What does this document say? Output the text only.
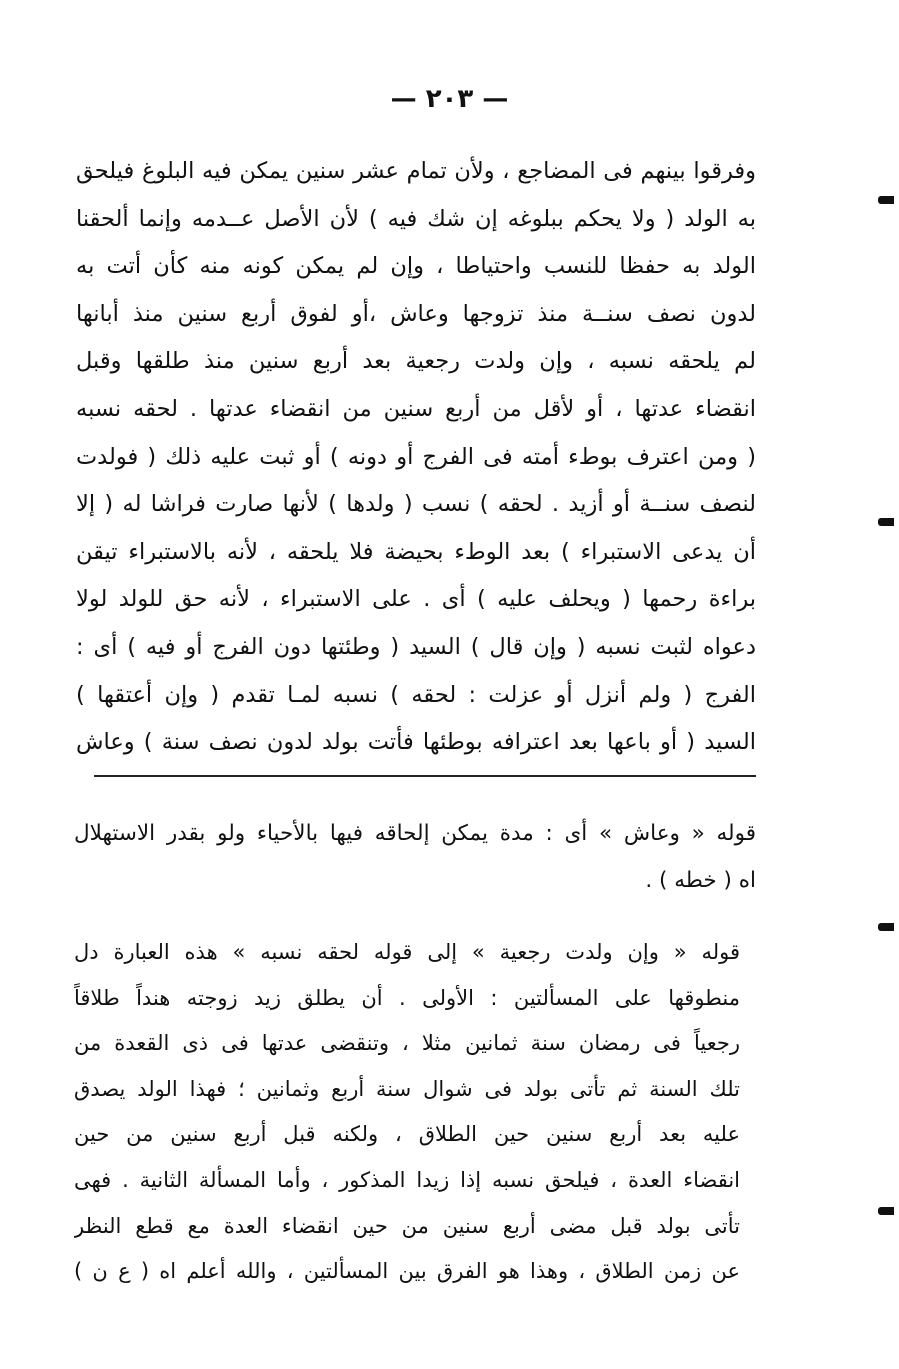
— ٢٠٣ —
وفرقوا بينهم فى المضاجع ، ولأن تمام عشر سنين يمكن فيه البلوغ فيلحق
به الولد ( ولا يحكم ببلوغه إن شك فيه ) لأن الأصل عــدمه وإنما ألحقنا
الولد به حفظا للنسب واحتياطا ، وإن لم يمكن كونه منه كأن أتت به
لدون نصف سنــة منذ تزوجها وعاش ،أو لفوق أربع سنين منذ أبانها
لم يلحقه نسبه ، وإن ولدت رجعية بعد أربع سنين منذ طلقها وقبل
انقضاء عدتها ، أو لأقل من أربع سنين من انقضاء عدتها . لحقه نسبه
( ومن اعترف بوطء أمته فى الفرج أو دونه ) أو ثبت عليه ذلك ( فولدت
لنصف سنــة أو أزيد . لحقه ) نسب ( ولدها ) لأنها صارت فراشا له ( إلا
أن يدعى الاستبراء ) بعد الوطء بحيضة فلا يلحقه ، لأنه بالاستبراء تيقن
براءة رحمها ( ويحلف عليه ) أى . على الاستبراء ، لأنه حق للولد لولا
دعواه لثبت نسبه ( وإن قال ) السيد ( وطئتها دون الفرج أو فيه ) أى :
الفرج ( ولم أنزل أو عزلت : لحقه ) نسبه لمـا تقدم ( وإن أعتقها )
السيد ( أو باعها بعد اعترافه بوطئها فأتت بولد لدون نصف سنة ) وعاش
قوله « وعاش » أى : مدة يمكن إلحاقه فيها بالأحياء ولو بقدر الاستهلال
اه ( خطه ) .
قوله « وإن ولدت رجعية » إلى قوله لحقه نسبه » هذه العبارة دل
منطوقها على المسألتين : الأولى . أن يطلق زيد زوجته هنداً طلاقاً
رجعياً فى رمضان سنة ثمانين مثلا ، وتنقضى عدتها فى ذى القعدة من
تلك السنة ثم تأتى بولد فى شوال سنة أربع وثمانين ؛ فهذا الولد يصدق
عليه بعد أربع سنين حين الطلاق ، ولكنه قبل أربع سنين من حين
انقضاء العدة ، فيلحق نسبه إذا زيدا المذكور ، وأما المسألة الثانية . فهى
تأتى بولد قبل مضى أربع سنين من حين انقضاء العدة مع قطع النظر
عن زمن الطلاق ، وهذا هو الفرق بين المسألتين ، والله أعلم اه ( ع ن )
